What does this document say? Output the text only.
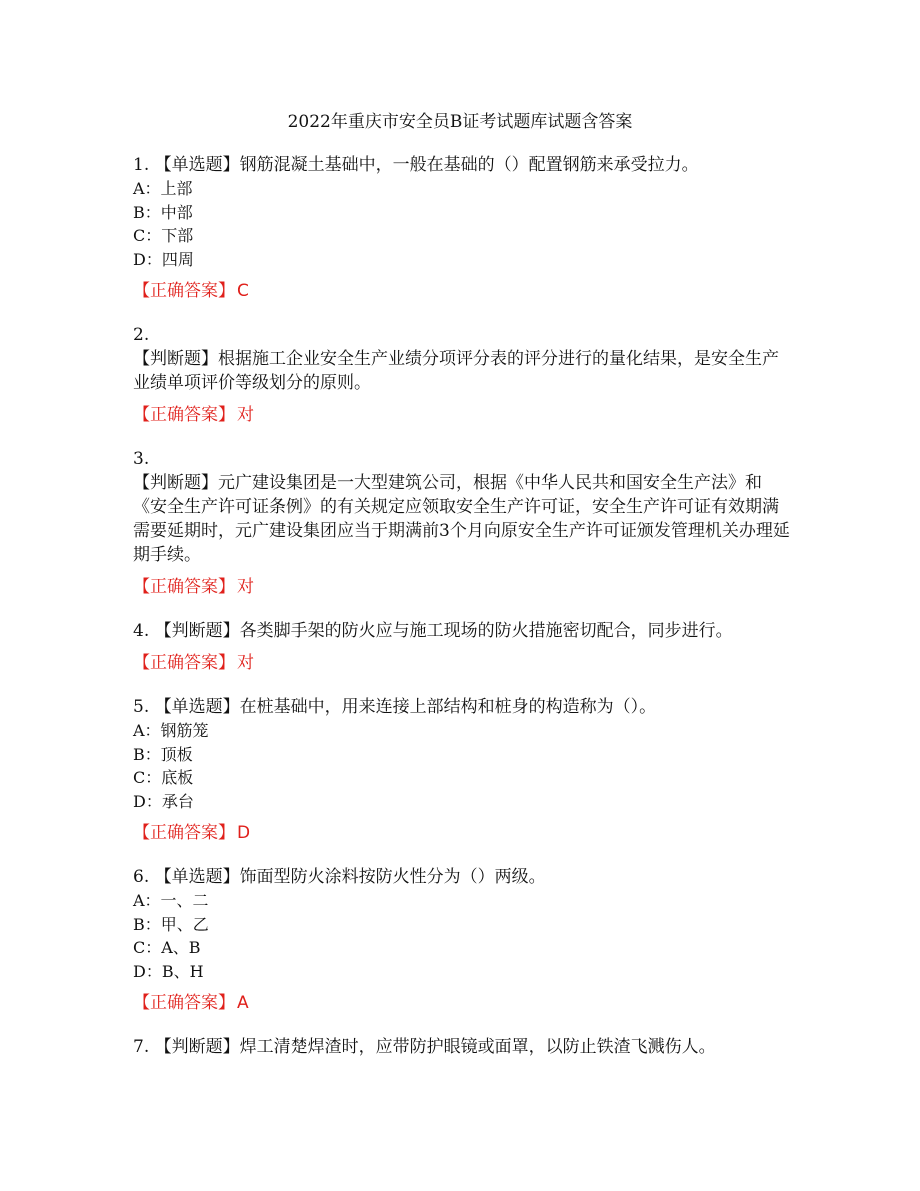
2022年重庆市安全员B证考试题库试题含答案
1. 【单选题】钢筋混凝土基础中，一般在基础的（）配置钢筋来承受拉力。
A：上部
B：中部
C：下部
D：四周
【正确答案】 C
2.
【判断题】根据施工企业安全生产业绩分项评分表的评分进行的量化结果，是安全生产业绩单项评价等级划分的原则。
【正确答案】 对
3.
【判断题】元广建设集团是一大型建筑公司，根据《中华人民共和国安全生产法》和《安全生产许可证条例》的有关规定应领取安全生产许可证，安全生产许可证有效期满需要延期时，元广建设集团应当于期满前3个月向原安全生产许可证颁发管理机关办理延期手续。
【正确答案】 对
4. 【判断题】各类脚手架的防火应与施工现场的防火措施密切配合，同步进行。
【正确答案】 对
5. 【单选题】在桩基础中，用来连接上部结构和桩身的构造称为（）。
A：钢筋笼
B：顶板
C：底板
D：承台
【正确答案】 D
6. 【单选题】饰面型防火涂料按防火性分为（）两级。
A：一、二
B：甲、乙
C：A、B
D：B、H
【正确答案】 A
7. 【判断题】焊工清楚焊渣时，应带防护眼镜或面罩，以防止铁渣飞溅伤人。
